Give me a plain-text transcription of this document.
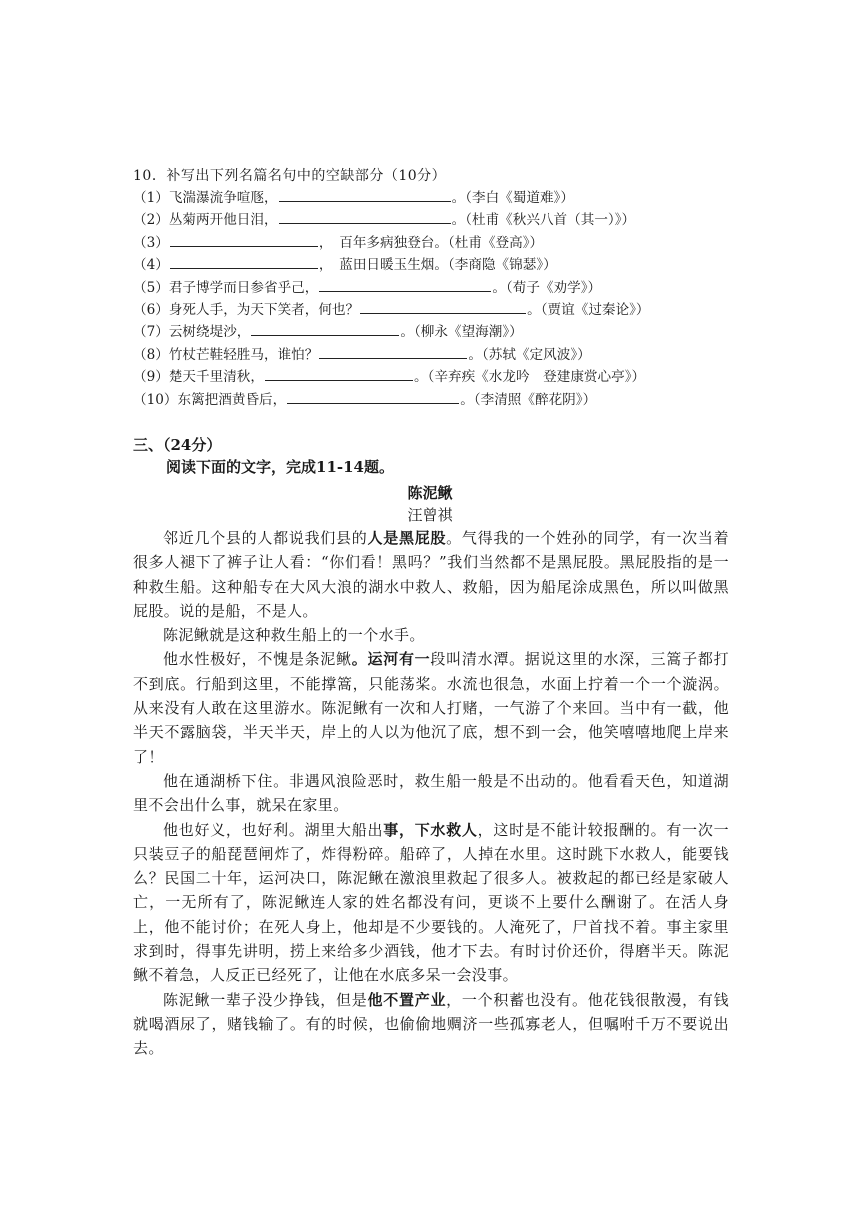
10．补写出下列名篇名句中的空缺部分（10分）
（1）飞湍瀑流争喧豗，	。（李白《蜀道难》）
（2）丛菊两开他日泪，	。（杜甫《秋兴八首（其一）》）
（3）	，　百年多病独登台。（杜甫《登高》）
（4）	，　蓝田日暖玉生烟。（李商隐《锦瑟》）
（5）君子博学而日参省乎己，	。（荀子《劝学》）
（6）身死人手，为天下笑者，何也？	。（贾谊《过秦论》）
（7）云树绕堤沙，	。（柳永《望海潮》）
（8）竹杖芒鞋轻胜马，谁怕？	。（苏轼《定风波》）
（9）楚天千里清秋，	。（辛弃疾《水龙吟　登建康赏心亭》）
（10）东篱把酒黄昏后，	。（李清照《醉花阴》）
三、（24分）
阅读下面的文字，完成11-14题。
陈泥鳅
汪曾祺

邻近几个县的人都说我们县的人是黑屁股。气得我的一个姓孙的同学，有一次当着很多人褪下了裤子让人看：“你们看！黑吗？”我们当然都不是黑屁股。黑屁股指的是一种救生船。这种船专在大风大浪的湖水中救人、救船，因为船尾涂成黑色，所以叫做黑屁股。说的是船，不是人。

陈泥鳅就是这种救生船上的一个水手。

他水性极好，不愧是条泥鳅。运河有一段叫清水潭。据说这里的水深，三篙子都打不到底。行船到这里，不能撑篙，只能荡桨。水流也很急，水面上拧着一个一个漩涡。从来没有人敢在这里游水。陈泥鳅有一次和人打赌，一气游了个来回。当中有一截，他半天不露脑袋，半天半天，岸上的人以为他沉了底，想不到一会，他笑嘻嘻地爬上岸来了！

他在通湖桥下住。非遇风浪险恶时，救生船一般是不出动的。他看看天色，知道湖里不会出什么事，就呆在家里。

他也好义，也好利。湖里大船出事，下水救人，这时是不能计较报酬的。有一次一只装豆子的船琵琶闸炸了，炸得粉碎。船碎了，人掉在水里。这时跳下水救人，能要钱么？民国二十年，运河决口，陈泥鳅在激浪里救起了很多人。被救起的都已经是家破人亡，一无所有了，陈泥鳅连人家的姓名都没有问，更谈不上要什么酬谢了。在活人身上，他不能讨价；在死人身上，他却是不少要钱的。人淹死了，尸首找不着。事主家里求到时，得事先讲明，捞上来给多少酒钱，他才下去。有时讨价还价，得磨半天。陈泥鳅不着急，人反正已经死了，让他在水底多呆一会没事。

陈泥鳅一辈子没少挣钱，但是他不置产业，一个积蓄也没有。他花钱很散漫，有钱就喝酒尿了，赌钱输了。有的时候，也偷偷地赒济一些孤寡老人，但嘱咐千万不要说出去。
